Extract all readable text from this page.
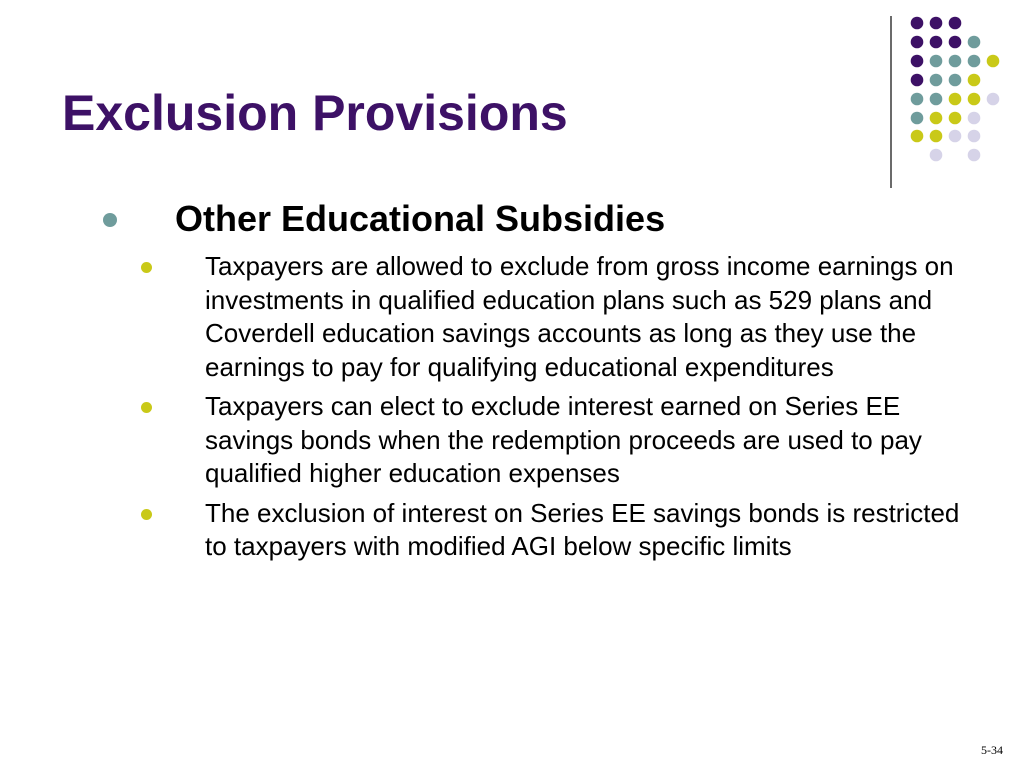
Exclusion Provisions
Other Educational Subsidies
Taxpayers are allowed to exclude from gross income earnings on investments in qualified education plans such as 529 plans and Coverdell education savings accounts as long as they use the earnings to pay for qualifying educational expenditures
Taxpayers can elect to exclude interest earned on Series EE savings bonds when the redemption proceeds are used to pay qualified higher education expenses
The exclusion of interest on Series EE savings bonds is restricted to taxpayers with modified AGI below specific limits
5-34
